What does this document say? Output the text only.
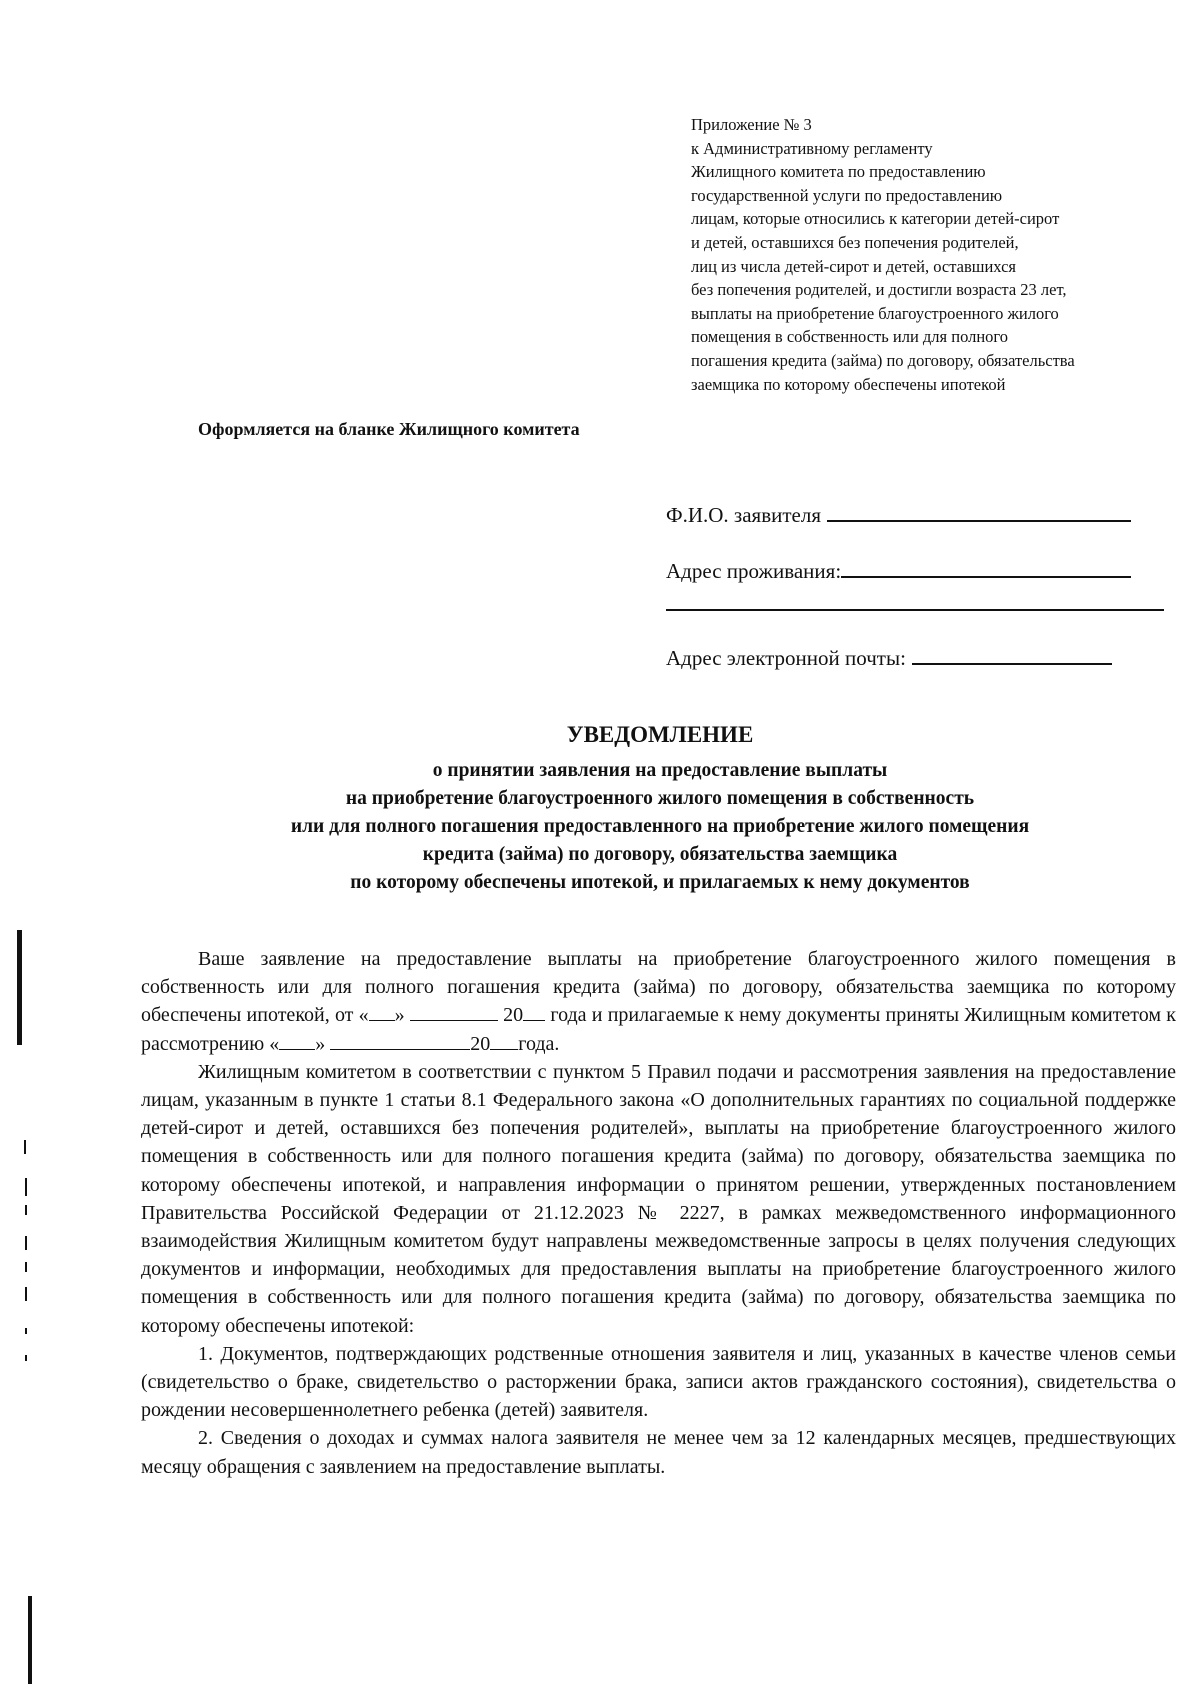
Приложение № 3
к Административному регламенту
Жилищного комитета по предоставлению
государственной услуги по предоставлению
лицам, которые относились к категории детей-сирот
и детей, оставшихся без попечения родителей,
лиц из числа детей-сирот и детей, оставшихся
без попечения родителей, и достигли возраста 23 лет,
выплаты на приобретение благоустроенного жилого
помещения в собственность или для полного
погашения кредита (займа) по договору, обязательства
заемщика по которому обеспечены ипотекой
Оформляется на бланке Жилищного комитета
Ф.И.О. заявителя
Адрес проживания:
Адрес электронной почты:
УВЕДОМЛЕНИЕ
о принятии заявления на предоставление выплаты
на приобретение благоустроенного жилого помещения в собственность
или для полного погашения предоставленного на приобретение жилого помещения
кредита (займа) по договору, обязательства заемщика
по которому обеспечены ипотекой, и прилагаемых к нему документов

Ваше заявление на предоставление выплаты на приобретение благоустроенного жилого помещения в собственность или для полного погашения кредита (займа) по договору, обязательства заемщика по которому обеспечены ипотекой, от « »	20 года и прилагаемые к нему документы приняты Жилищным комитетом к рассмотрению « »	20 года.

Жилищным комитетом в соответствии с пунктом 5 Правил подачи и рассмотрения заявления на предоставление лицам, указанным в пункте 1 статьи 8.1 Федерального закона «О дополнительных гарантиях по социальной поддержке детей-сирот и детей, оставшихся без попечения родителей», выплаты на приобретение благоустроенного жилого помещения в собственность или для полного погашения кредита (займа) по договору, обязательства заемщика по которому обеспечены ипотекой, и направления информации о принятом решении, утвержденных постановлением Правительства Российской Федерации от 21.12.2023 № 2227, в рамках межведомственного информационного взаимодействия Жилищным комитетом будут направлены межведомственные запросы в целях получения следующих документов и информации, необходимых для предоставления выплаты на приобретение благоустроенного жилого помещения в собственность или для полного погашения кредита (займа) по договору, обязательства заемщика по которому обеспечены ипотекой:

1. Документов, подтверждающих родственные отношения заявителя и лиц, указанных в качестве членов семьи (свидетельство о браке, свидетельство о расторжении брака, записи актов гражданского состояния), свидетельства о рождении несовершеннолетнего ребенка (детей) заявителя.

2. Сведения о доходах и суммах налога заявителя не менее чем за 12 календарных месяцев, предшествующих месяцу обращения с заявлением на предоставление выплаты.
